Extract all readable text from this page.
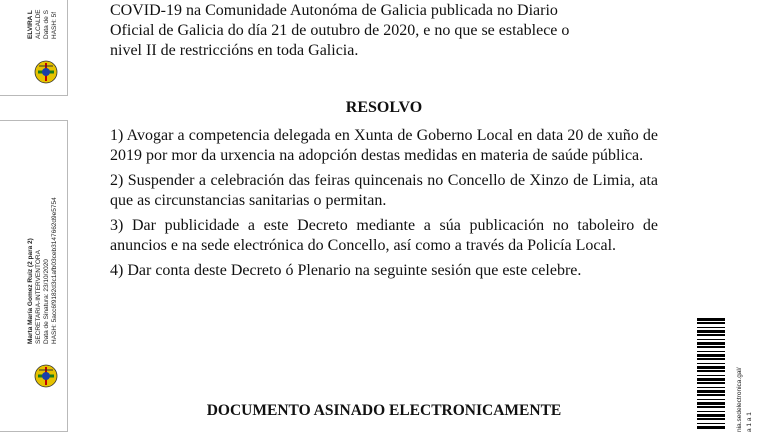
ELVIRA L ALCALDE Data de S HASH: 5f
Marta María Gomez Ruiz (2 para 2) SECRETARIA-INTERVENTORA Data de Sinatura: 23/10/2020 HASH: 5acc6f9182d3c1afb03ceb3147662d9e5754
COVID-19 na Comunidade Autonóma de Galicia publicada no Diario
Oficial de Galicia do día 21 de outubro de 2020, e no que se establece o
nivel II de restriccións en toda Galicia.
RESOLVO

1) Avogar a competencia delegada en Xunta de Goberno Local en data 20 de xuño de 2019 por mor da urxencia na adopción destas medidas en materia de saúde pública.

2) Suspender a celebración das feiras quincenais no Concello de Xinzo de Limia, ata que as circunstancias sanitarias o permitan.

3) Dar publicidade a este Decreto mediante a súa publicación no taboleiro de anuncios e na sede electrónica do Concello, así como a través da Policía Local.

4) Dar conta deste Decreto ó Plenario na seguinte sesión que este celebre.

DOCUMENTO ASINADO ELECTRONICAMENTE	nia.sedelectronica.gal/ a 1 a 1
